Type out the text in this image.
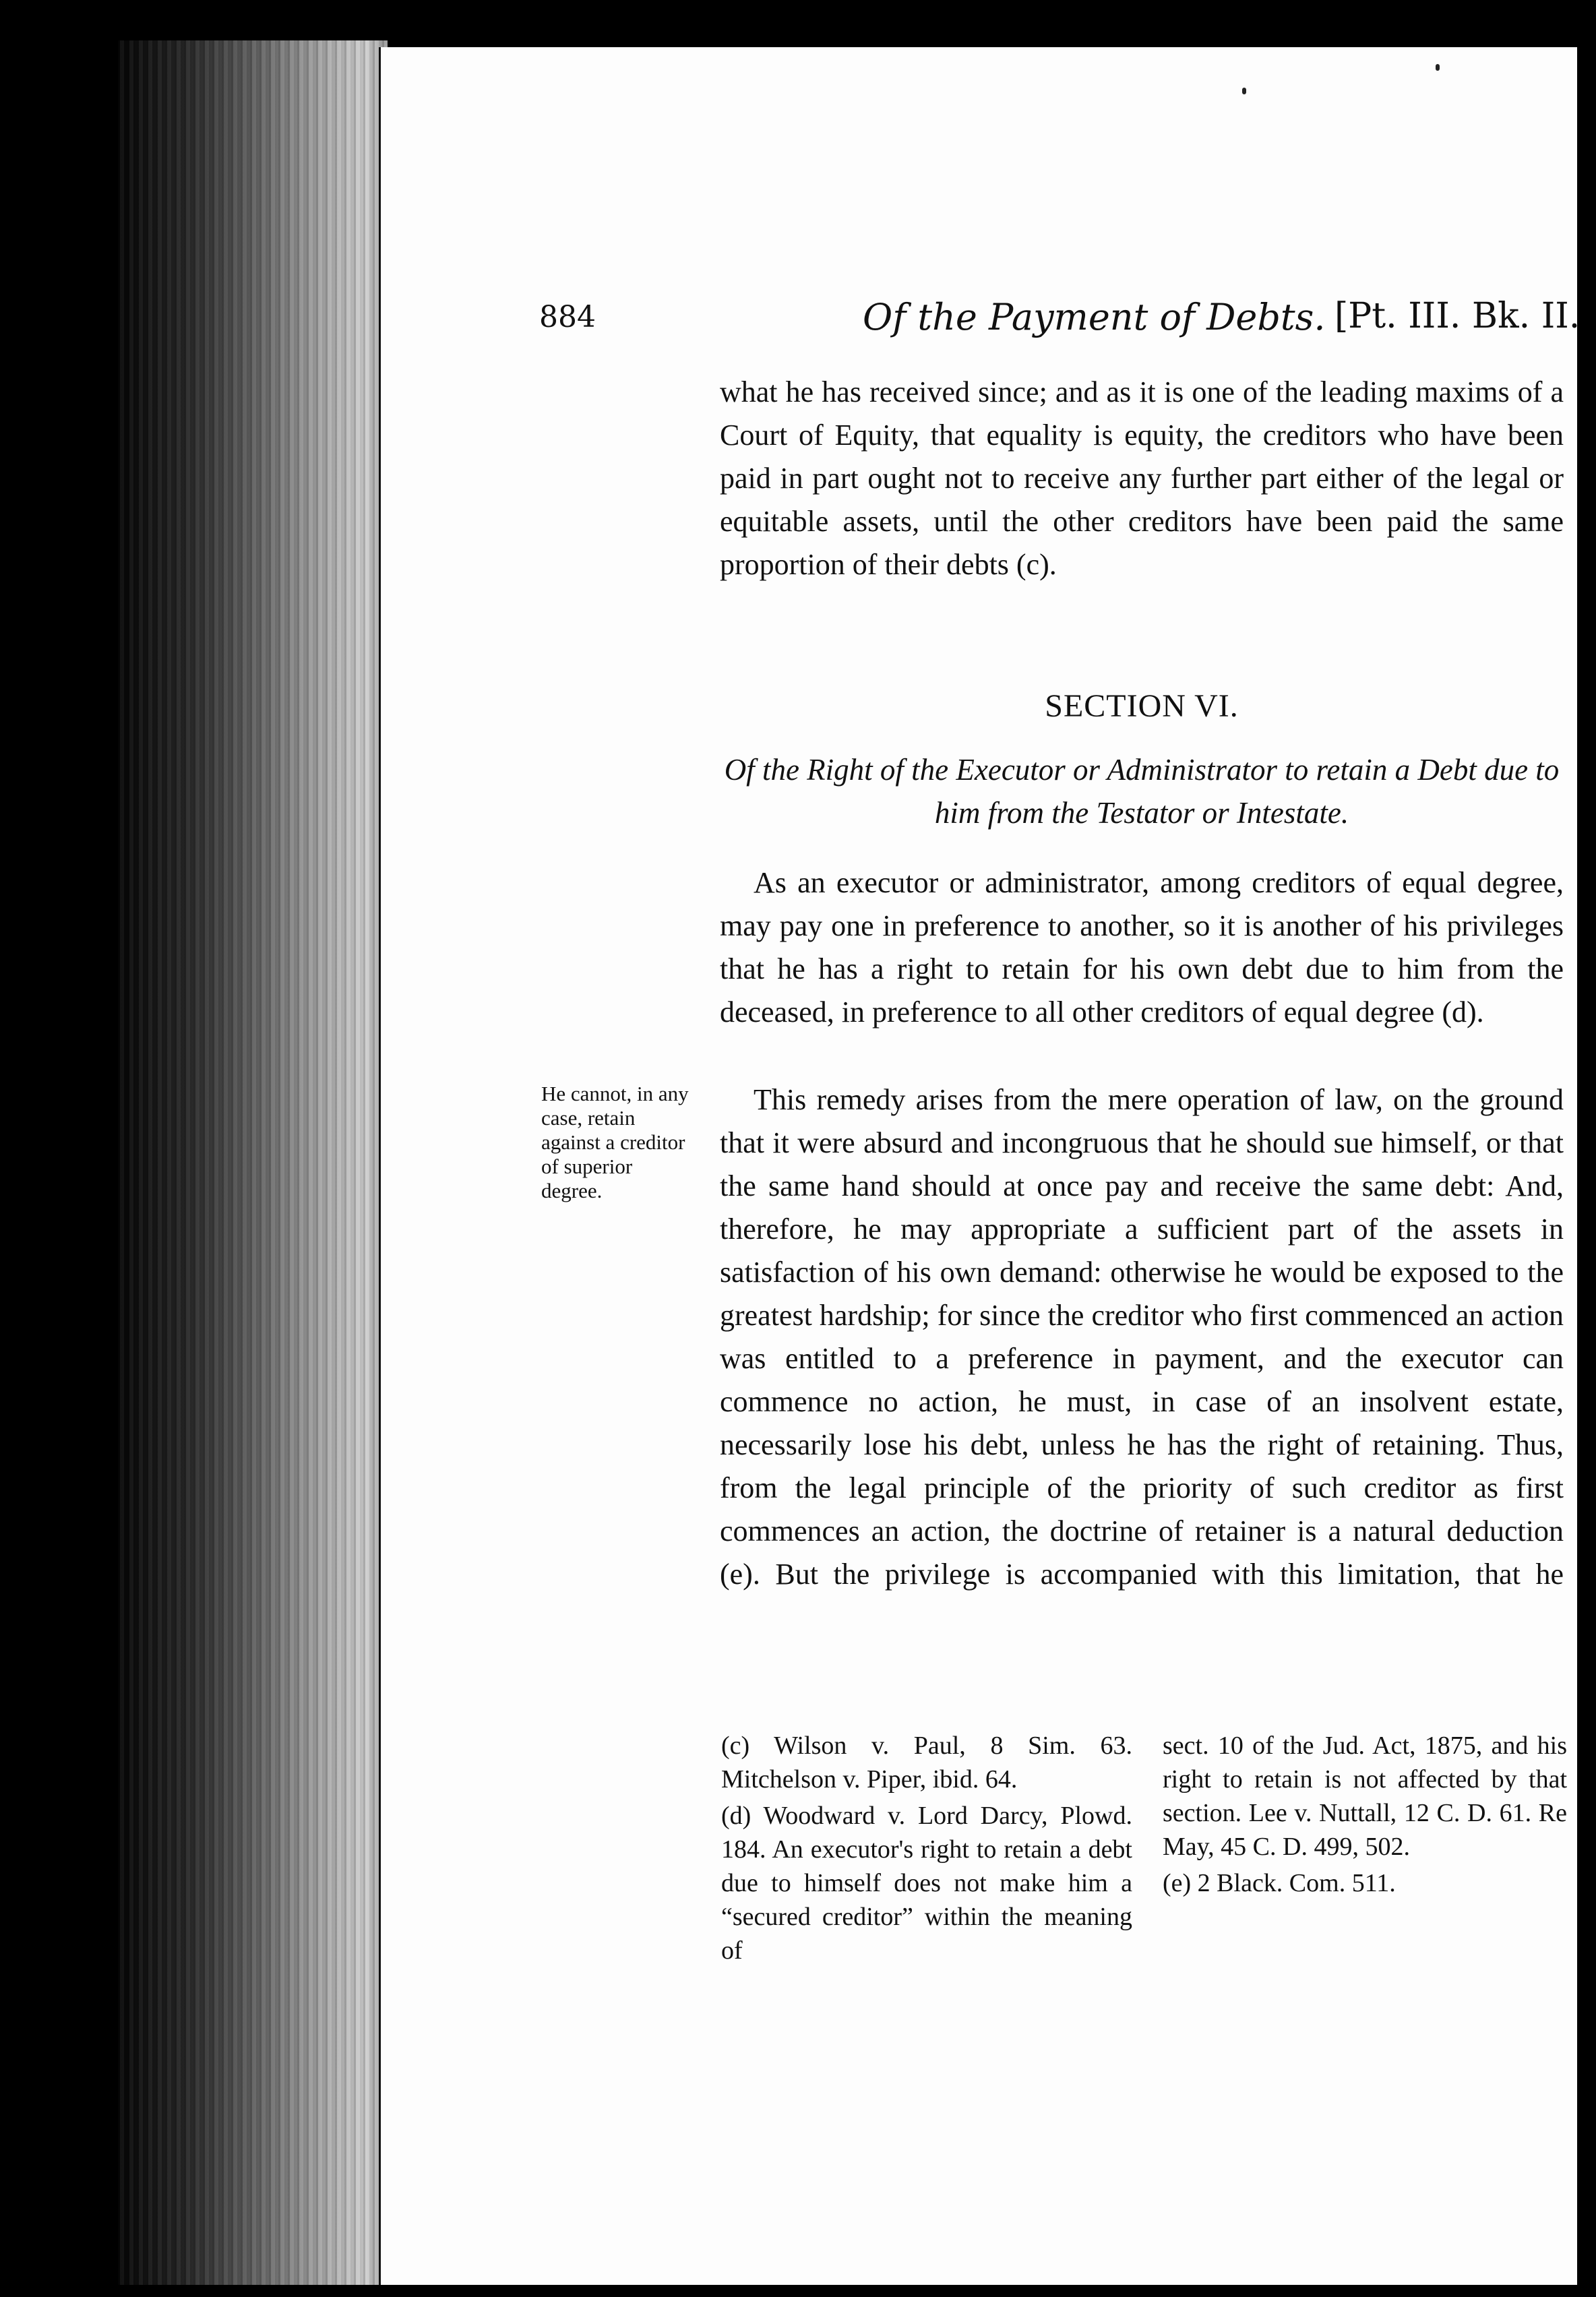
884	Of the Payment of Debts. [Pt. III. Bk. II.
what he has received since; and as it is one of the leading maxims of a Court of Equity, that equality is equity, the creditors who have been paid in part ought not to receive any further part either of the legal or equitable assets, until the other creditors have been paid the same proportion of their debts (c).
SECTION VI.
Of the Right of the Executor or Administrator to retain a Debt due to him from the Testator or Intestate.
As an executor or administrator, among creditors of equal degree, may pay one in preference to another, so it is another of his privileges that he has a right to retain for his own debt due to him from the deceased, in preference to all other creditors of equal degree (d).
He cannot, in any case, retain against a creditor of superior degree.
This remedy arises from the mere operation of law, on the ground that it were absurd and incongruous that he should sue himself, or that the same hand should at once pay and receive the same debt: And, therefore, he may appropriate a sufficient part of the assets in satisfaction of his own demand: otherwise he would be exposed to the greatest hardship; for since the creditor who first commenced an action was entitled to a preference in payment, and the executor can commence no action, he must, in case of an insolvent estate, necessarily lose his debt, unless he has the right of retaining. Thus, from the legal principle of the priority of such creditor as first commences an action, the doctrine of retainer is a natural deduction (e). But the privilege is accompanied with this limitation, that he

(c) Wilson v. Paul, 8 Sim. 63. Mitchelson v. Piper, ibid. 64.

(d) Woodward v. Lord Darcy, Plowd. 184. An executor's right to retain a debt due to himself does not make him a “secured creditor” within the meaning of

sect. 10 of the Jud. Act, 1875, and his right to retain is not affected by that section. Lee v. Nuttall, 12 C. D. 61. Re May, 45 C. D. 499, 502.

(e) 2 Black. Com. 511.
